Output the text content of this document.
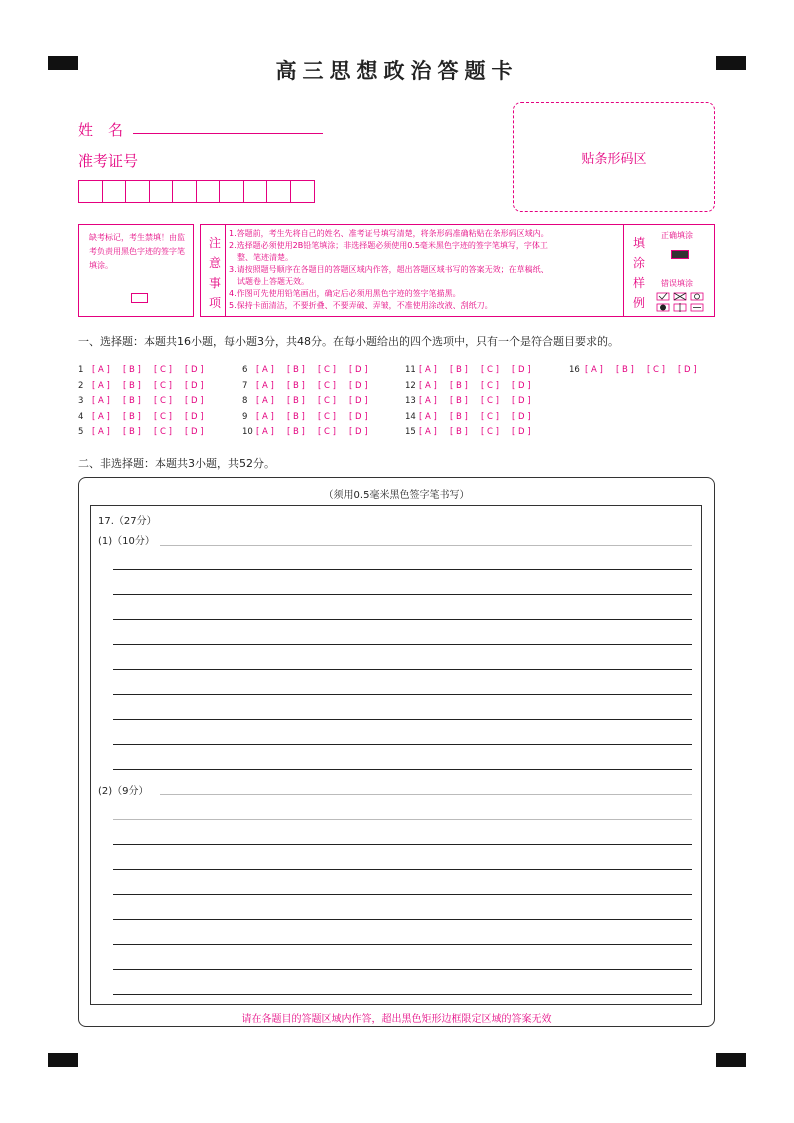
高三思想政治答题卡
姓　名
准考证号	贴条形码区
缺考标记，考生禁填！由监考负责用黑色字迹的签字笔填涂。
注
意
事
项
1.答题前，考生先将自己的姓名、准考证号填写清楚，将条形码准确粘贴在条形码区域内。
2.选择题必须使用2B铅笔填涂；非选择题必须使用0.5毫米黑色字迹的签字笔填写，字体工
　整、笔迹清楚。
3.请按照题号顺序在各题目的答题区域内作答，超出答题区域书写的答案无效；在草稿纸、
　试题卷上答题无效。
4.作图可先使用铅笔画出，确定后必须用黑色字迹的签字笔描黑。
5.保持卡面清洁，不要折叠、不要弄破、弄皱，不准使用涂改液、刮纸刀。
填
涂
样
例
正确填涂
错误填涂
一、选择题：本题共16小题，每小题3分，共48分。在每小题给出的四个选项中，只有一个是符合题目要求的。
1 [ A ] [ B ] [ C ] [ D ]
2 [ A ] [ B ] [ C ] [ D ]
3 [ A ] [ B ] [ C ] [ D ]
4 [ A ] [ B ] [ C ] [ D ]
5 [ A ] [ B ] [ C ] [ D ]
6 [ A ] [ B ] [ C ] [ D ]
7 [ A ] [ B ] [ C ] [ D ]
8 [ A ] [ B ] [ C ] [ D ]
9 [ A ] [ B ] [ C ] [ D ]
10 [ A ] [ B ] [ C ] [ D ]
11 [ A ] [ B ] [ C ] [ D ]
12 [ A ] [ B ] [ C ] [ D ]
13 [ A ] [ B ] [ C ] [ D ]
14 [ A ] [ B ] [ C ] [ D ]
15 [ A ] [ B ] [ C ] [ D ]
16 [ A ] [ B ] [ C ] [ D ]
二、非选择题：本题共3小题，共52分。
（须用0.5毫米黑色签字笔书写）
17.（27分）
(1)（10分）
(2)（9分）
请在各题目的答题区域内作答，超出黑色矩形边框限定区域的答案无效
